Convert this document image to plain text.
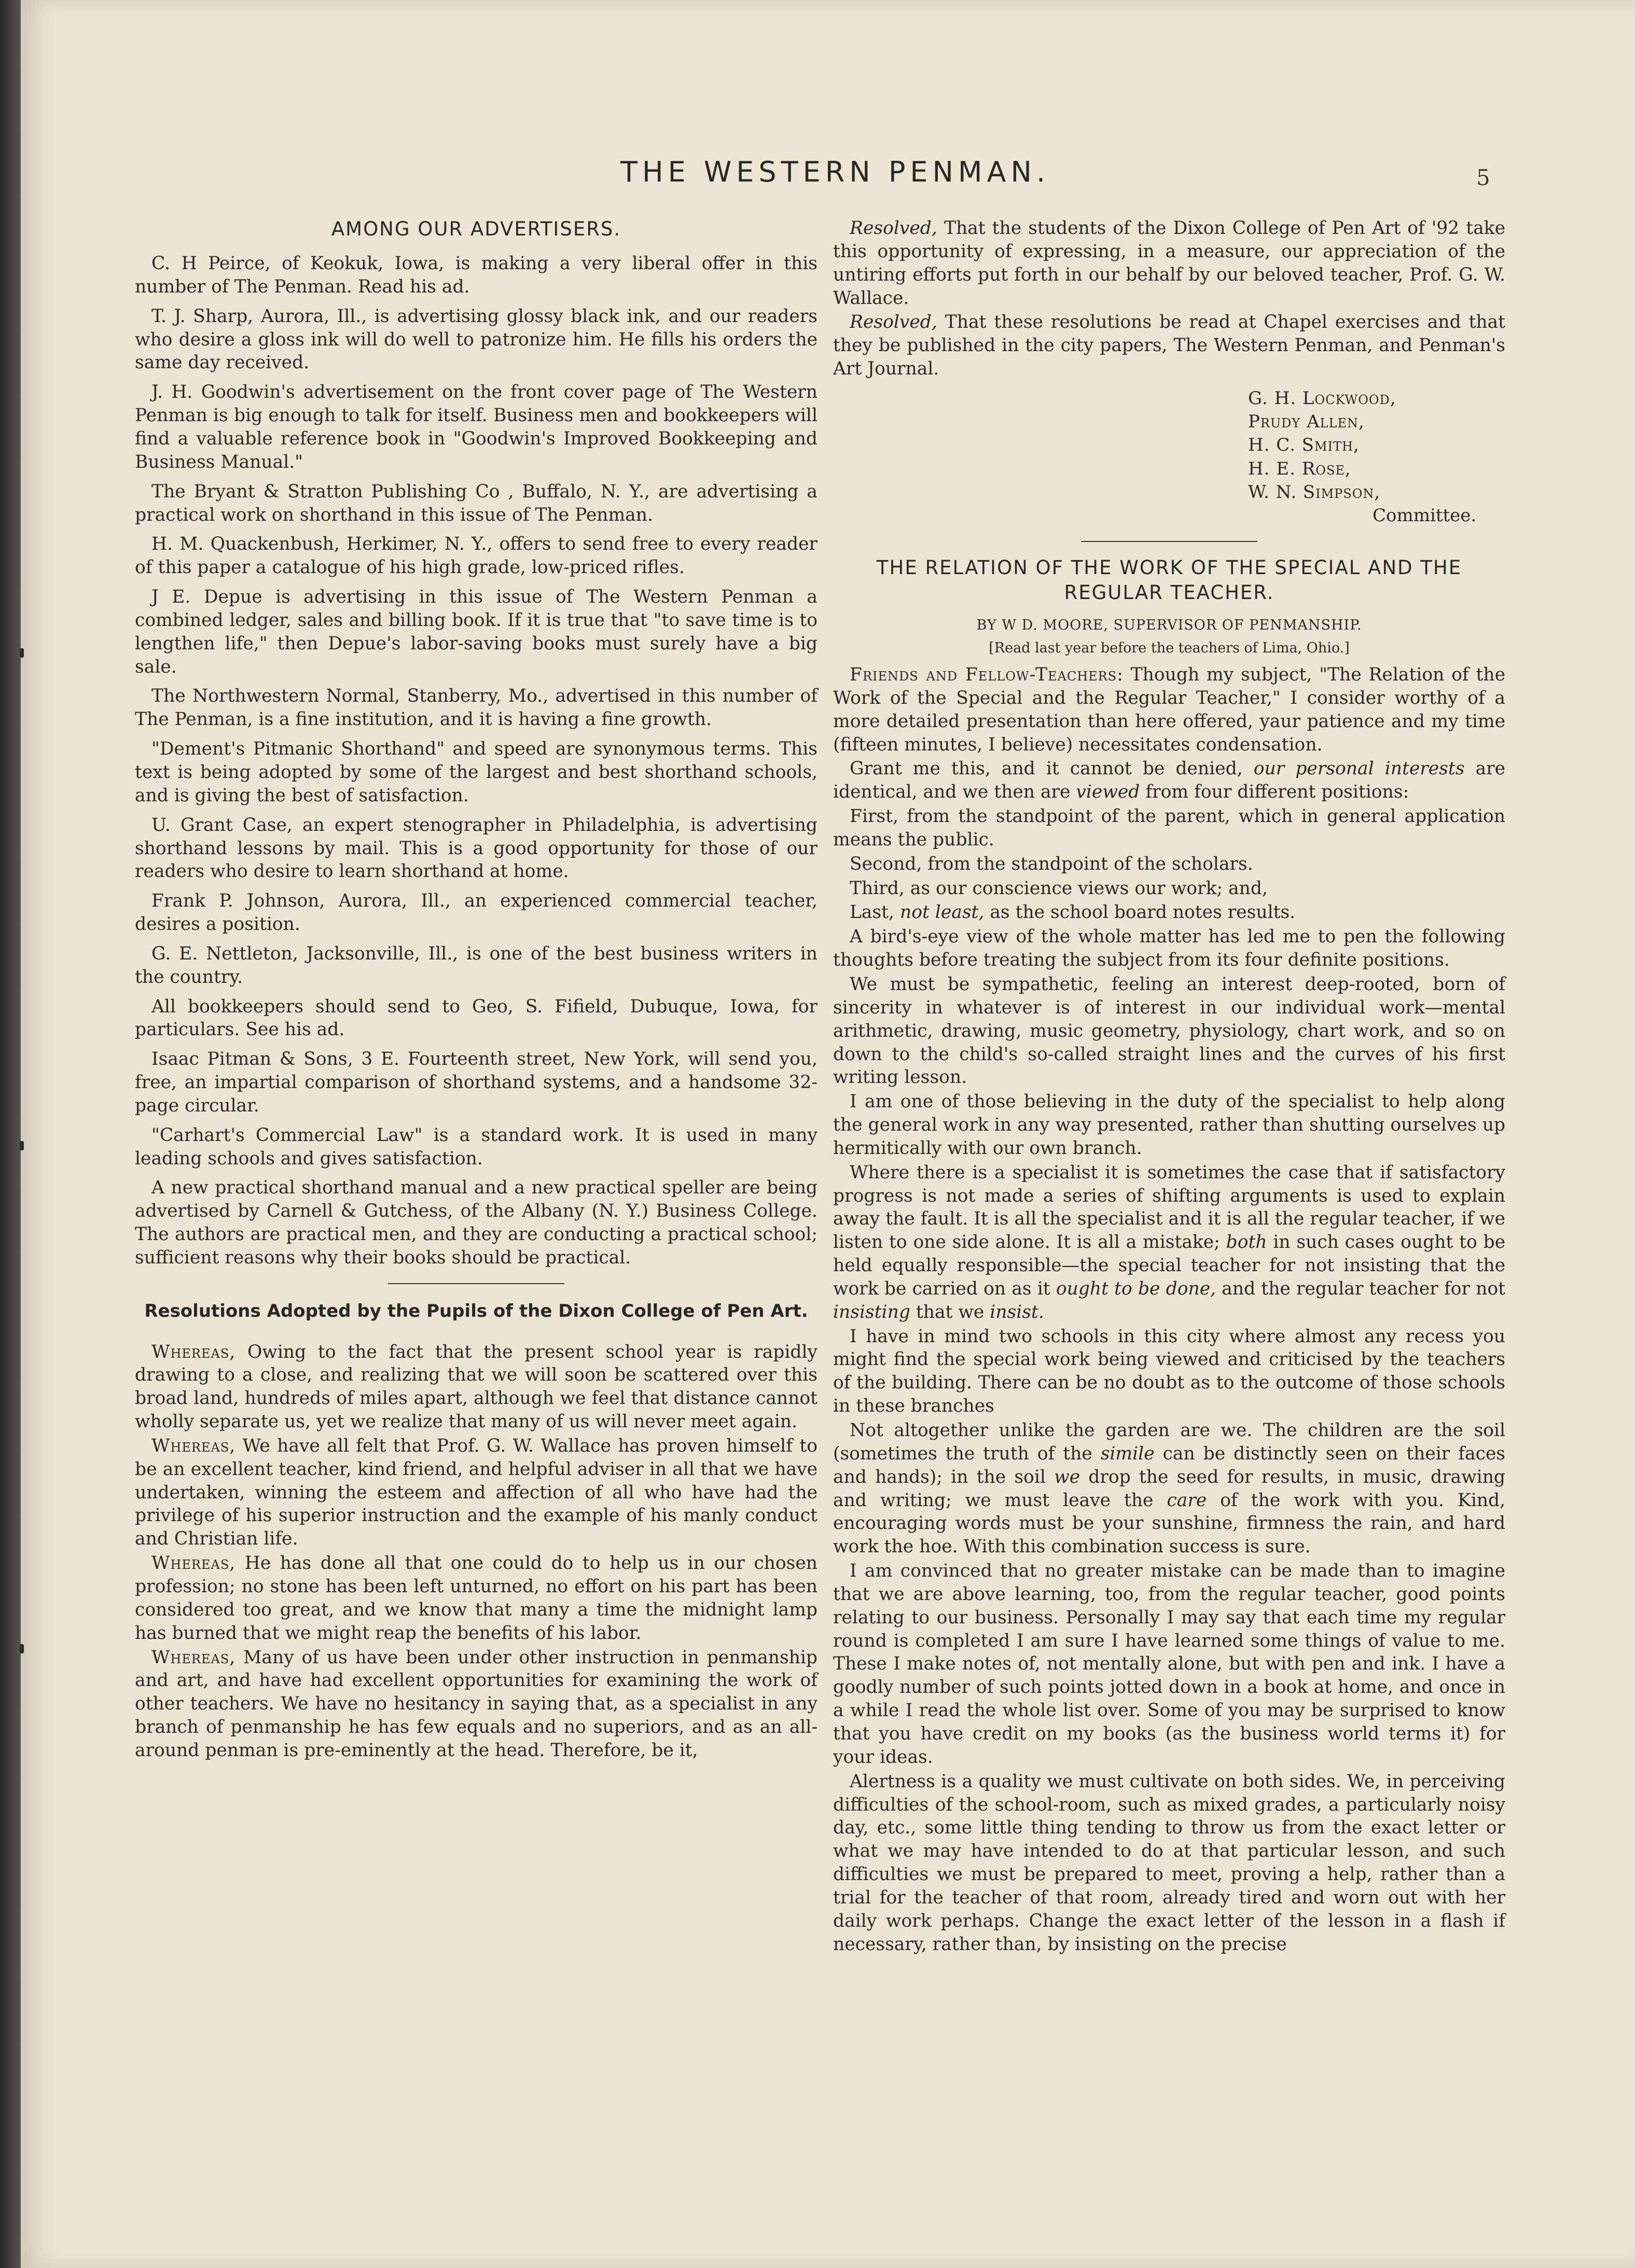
THE WESTERN PENMAN.	5
AMONG OUR ADVERTISERS.

C. H Peirce, of Keokuk, Iowa, is making a very liberal offer in this number of The Penman. Read his ad.

T. J. Sharp, Aurora, Ill., is advertising glossy black ink, and our readers who desire a gloss ink will do well to patronize him. He fills his orders the same day received.

J. H. Goodwin's advertisement on the front cover page of The Western Penman is big enough to talk for itself. Business men and bookkeepers will find a valuable reference book in "Goodwin's Improved Bookkeeping and Business Manual."

The Bryant & Stratton Publishing Co , Buffalo, N. Y., are advertising a practical work on shorthand in this issue of The Penman.

H. M. Quackenbush, Herkimer, N. Y., offers to send free to every reader of this paper a catalogue of his high grade, low-priced rifles.

J E. Depue is advertising in this issue of The Western Penman a combined ledger, sales and billing book. If it is true that "to save time is to lengthen life," then Depue's labor-saving books must surely have a big sale.

The Northwestern Normal, Stanberry, Mo., advertised in this number of The Penman, is a fine institution, and it is having a fine growth.

"Dement's Pitmanic Shorthand" and speed are synonymous terms. This text is being adopted by some of the largest and best shorthand schools, and is giving the best of satisfaction.

U. Grant Case, an expert stenographer in Philadelphia, is advertising shorthand lessons by mail. This is a good opportunity for those of our readers who desire to learn shorthand at home.

Frank P. Johnson, Aurora, Ill., an experienced commercial teacher, desires a position.

G. E. Nettleton, Jacksonville, Ill., is one of the best business writers in the country.

All bookkeepers should send to Geo, S. Fifield, Dubuque, Iowa, for particulars. See his ad.

Isaac Pitman & Sons, 3 E. Fourteenth street, New York, will send you, free, an impartial comparison of shorthand systems, and a handsome 32-page circular.

"Carhart's Commercial Law" is a standard work. It is used in many leading schools and gives satisfaction.

A new practical shorthand manual and a new practical speller are being advertised by Carnell & Gutchess, of the Albany (N. Y.) Business College. The authors are practical men, and they are conducting a practical school; sufficient reasons why their books should be practical.

Resolutions Adopted by the Pupils of the Dixon College of Pen Art.

Whereas, Owing to the fact that the present school year is rapidly drawing to a close, and realizing that we will soon be scattered over this broad land, hundreds of miles apart, although we feel that distance cannot wholly separate us, yet we realize that many of us will never meet again.

Whereas, We have all felt that Prof. G. W. Wallace has proven himself to be an excellent teacher, kind friend, and helpful adviser in all that we have undertaken, winning the esteem and affection of all who have had the privilege of his superior instruction and the example of his manly conduct and Christian life.

Whereas, He has done all that one could do to help us in our chosen profession; no stone has been left unturned, no effort on his part has been considered too great, and we know that many a time the midnight lamp has burned that we might reap the benefits of his labor.

Whereas, Many of us have been under other instruction in penmanship and art, and have had excellent opportunities for examining the work of other teachers. We have no hesitancy in saying that, as a specialist in any branch of penmanship he has few equals and no superiors, and as an all-around penman is pre-eminently at the head. Therefore, be it,

Resolved, That the students of the Dixon College of Pen Art of '92 take this opportunity of expressing, in a measure, our appreciation of the untiring efforts put forth in our behalf by our beloved teacher, Prof. G. W. Wallace.

Resolved, That these resolutions be read at Chapel exercises and that they be published in the city papers, The Western Penman, and Penman's Art Journal.

G. H. Lockwood,

Prudy Allen,

H. C. Smith,

H. E. Rose,

W. N. Simpson,

Committee.

THE RELATION OF THE WORK OF THE SPECIAL AND THE REGULAR TEACHER.

BY W D. MOORE, SUPERVISOR OF PENMANSHIP.

[Read last year before the teachers of Lima, Ohio.]

Friends and Fellow-Teachers: Though my subject, "The Relation of the Work of the Special and the Regular Teacher," I consider worthy of a more detailed presentation than here offered, yaur patience and my time (fifteen minutes, I believe) necessitates condensation.

Grant me this, and it cannot be denied, our personal interests are identical, and we then are viewed from four different positions:

First, from the standpoint of the parent, which in general application means the public.

Second, from the standpoint of the scholars.

Third, as our conscience views our work; and,

Last, not least, as the school board notes results.

A bird's-eye view of the whole matter has led me to pen the following thoughts before treating the subject from its four definite positions.

We must be sympathetic, feeling an interest deep-rooted, born of sincerity in whatever is of interest in our individual work—mental arithmetic, drawing, music geometry, physiology, chart work, and so on down to the child's so-called straight lines and the curves of his first writing lesson.

I am one of those believing in the duty of the specialist to help along the general work in any way presented, rather than shutting ourselves up hermitically with our own branch.

Where there is a specialist it is sometimes the case that if satisfactory progress is not made a series of shifting arguments is used to explain away the fault. It is all the specialist and it is all the regular teacher, if we listen to one side alone. It is all a mistake; both in such cases ought to be held equally responsible—the special teacher for not insisting that the work be carried on as it ought to be done, and the regular teacher for not insisting that we insist.

I have in mind two schools in this city where almost any recess you might find the special work being viewed and criticised by the teachers of the building. There can be no doubt as to the outcome of those schools in these branches

Not altogether unlike the garden are we. The children are the soil (sometimes the truth of the simile can be distinctly seen on their faces and hands); in the soil we drop the seed for results, in music, drawing and writing; we must leave the care of the work with you. Kind, encouraging words must be your sunshine, firmness the rain, and hard work the hoe. With this combination success is sure.

I am convinced that no greater mistake can be made than to imagine that we are above learning, too, from the regular teacher, good points relating to our business. Personally I may say that each time my regular round is completed I am sure I have learned some things of value to me. These I make notes of, not mentally alone, but with pen and ink. I have a goodly number of such points jotted down in a book at home, and once in a while I read the whole list over. Some of you may be surprised to know that you have credit on my books (as the business world terms it) for your ideas.

Alertness is a quality we must cultivate on both sides. We, in perceiving difficulties of the school-room, such as mixed grades, a particularly noisy day, etc., some little thing tending to throw us from the exact letter or what we may have intended to do at that particular lesson, and such difficulties we must be prepared to meet, proving a help, rather than a trial for the teacher of that room, already tired and worn out with her daily work perhaps. Change the exact letter of the lesson in a flash if necessary, rather than, by insisting on the precise
